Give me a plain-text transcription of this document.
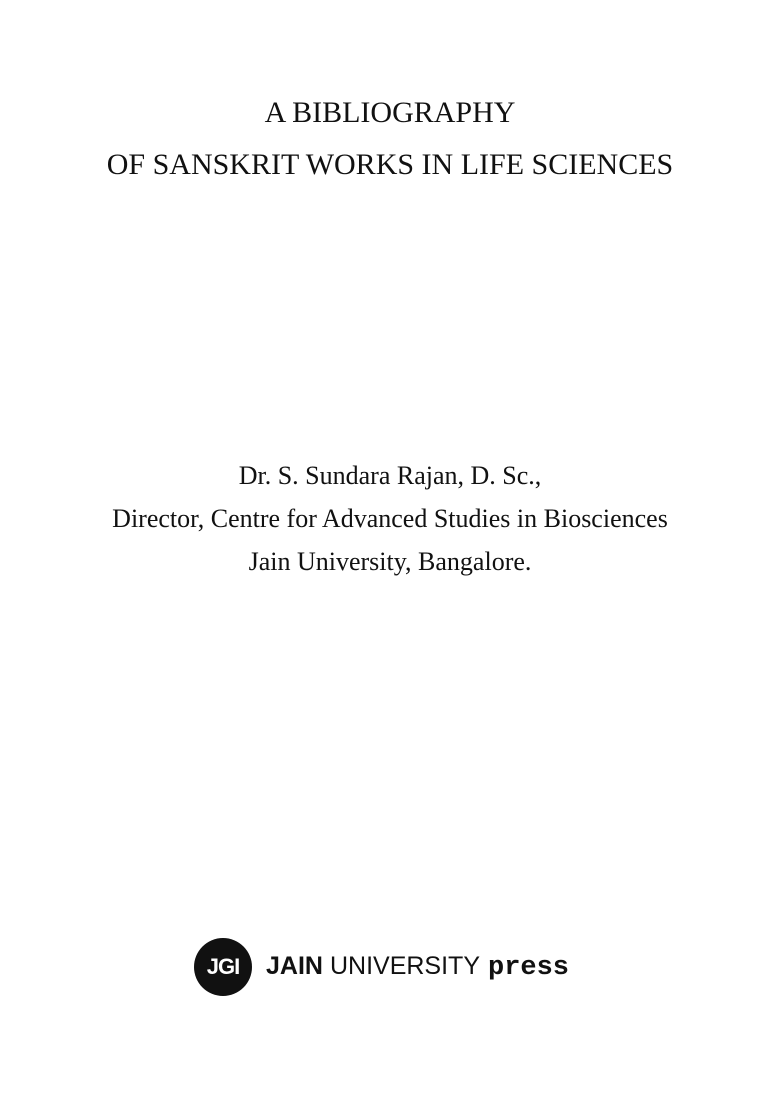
A BIBLIOGRAPHY
OF SANSKRIT WORKS IN LIFE SCIENCES
Dr. S. Sundara Rajan, D. Sc.,
Director, Centre for Advanced Studies in Biosciences
Jain University, Bangalore.
JGI	JAIN UNIVERSITY press
